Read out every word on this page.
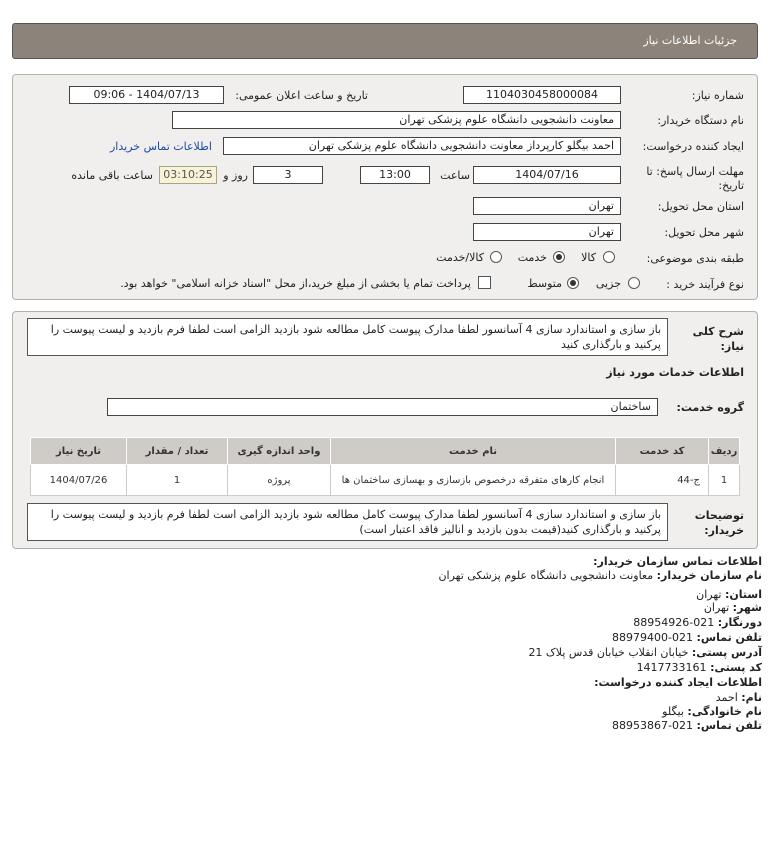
جزئیات اطلاعات نیاز
شماره نیاز:
1104030458000084
تاریخ و ساعت اعلان عمومی:
1404/07/13 - 09:06
نام دستگاه خریدار:
معاونت دانشجویی دانشگاه علوم پزشکی تهران
ایجاد کننده درخواست:
احمد بیگلو کارپرداز معاونت دانشجویی دانشگاه علوم پزشکی تهران
اطلاعات تماس خریدار
مهلت ارسال پاسخ: تا تاریخ:
1404/07/16
ساعت
13:00
3
روز و
03:10:25
ساعت باقی مانده
استان محل تحویل:
تهران
شهر محل تحویل:
تهران
طبقه بندی موضوعی:
کالا
خدمت
کالا/خدمت
نوع فرآیند خرید :
جزیی
متوسط
پرداخت تمام یا بخشی از مبلغ خرید،از محل "اسناد خزانه اسلامی" خواهد بود.
شرح کلی نیاز:
باز سازی و استاندارد سازی 4 آسانسور لطفا مدارک پیوست کامل مطالعه شود بازدید الزامی است لطفا فرم بازدید و لیست پیوست را پرکنید و بارگذاری کنید
اطلاعات خدمات مورد نیاز
گروه خدمت:
ساختمان
ردیف	کد خدمت	نام خدمت	واحد اندازه گیری	تعداد / مقدار	تاریخ نیاز
1	ج-44	انجام کارهای متفرقه درخصوص بازسازی و بهسازی ساختمان ها	پروژه	1	1404/07/26
توضیحات خریدار:
باز سازی و استاندارد سازی 4 آسانسور لطفا مدارک پیوست کامل مطالعه شود بازدید الزامی است لطفا فرم بازدید و لیست پیوست را پرکنید و بارگذاری کنید(قیمت بدون بازدید و انالیز فاقد اعتبار است)
اطلاعات تماس سازمان خریدار:
نام سازمان خریدار: معاونت دانشجویی دانشگاه علوم پزشکی تهران
استان: تهران
شهر: تهران
دورنگار: 021-88954926
تلفن تماس: 021-88979400
آدرس پستی: خیابان انقلاب خیابان قدس پلاک 21
کد پستی: 1417733161
اطلاعات ایجاد کننده درخواست:
نام: احمد
نام خانوادگی: بیگلو
تلفن تماس: 021-88953867
